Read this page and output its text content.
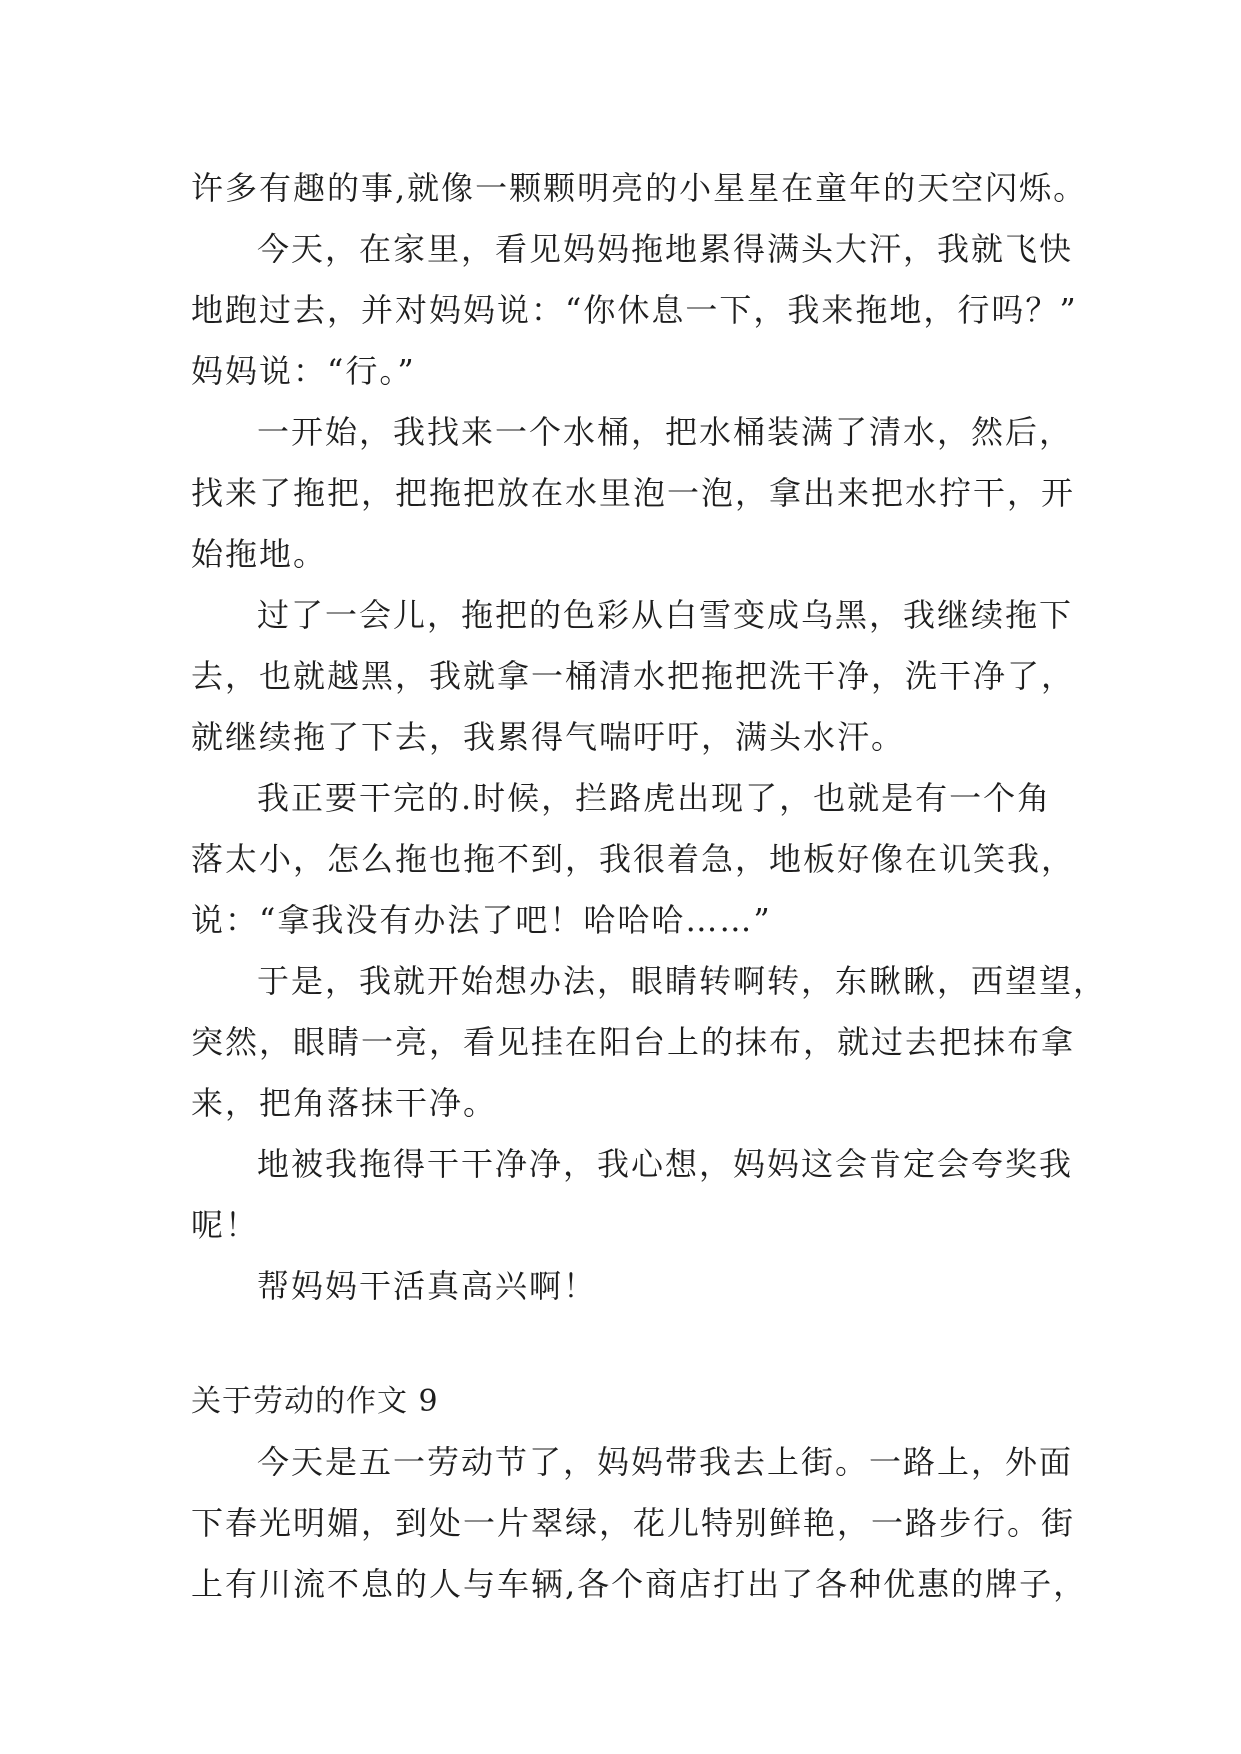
许多有趣的事,就像一颗颗明亮的小星星在童年的天空闪烁。
今天，在家里，看见妈妈拖地累得满头大汗，我就飞快
地跑过去，并对妈妈说：“你休息一下，我来拖地，行吗？”
妈妈说：“行。”
一开始，我找来一个水桶，把水桶装满了清水，然后，
找来了拖把，把拖把放在水里泡一泡，拿出来把水拧干，开
始拖地。
过了一会儿，拖把的色彩从白雪变成乌黑，我继续拖下
去，也就越黑，我就拿一桶清水把拖把洗干净，洗干净了，
就继续拖了下去，我累得气喘吁吁，满头水汗。
我正要干完的.时候，拦路虎出现了，也就是有一个角
落太小，怎么拖也拖不到，我很着急，地板好像在讥笑我，
说：“拿我没有办法了吧！哈哈哈……”
于是，我就开始想办法，眼睛转啊转，东瞅瞅，西望望，
突然，眼睛一亮，看见挂在阳台上的抹布，就过去把抹布拿
来，把角落抹干净。
地被我拖得干干净净，我心想，妈妈这会肯定会夸奖我
呢！
帮妈妈干活真高兴啊！
关于劳动的作文 9
今天是五一劳动节了，妈妈带我去上街。一路上，外面
下春光明媚，到处一片翠绿，花儿特别鲜艳，一路步行。街
上有川流不息的人与车辆,各个商店打出了各种优惠的牌子，
